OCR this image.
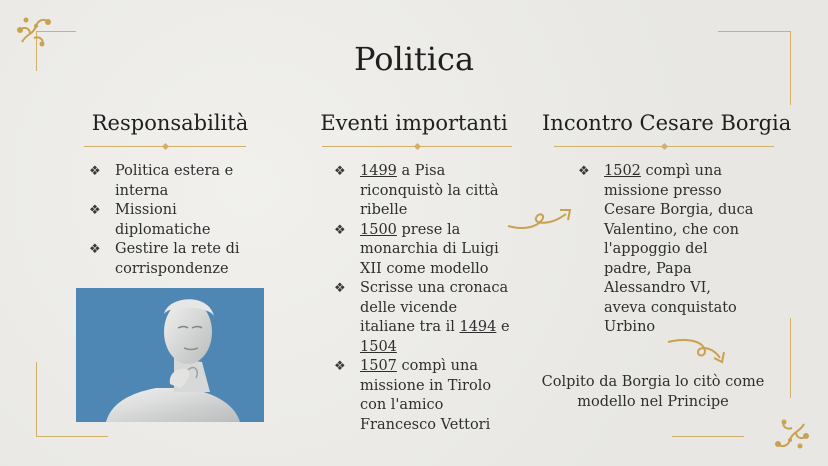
Politica
Responsabilità	Eventi importanti	Incontro Cesare Borgia
❖ Politica estera e
interna
❖ Missioni
diplomatiche
❖ Gestire la rete di
corrispondenze
❖ 1499 a Pisa
riconquistò la città
ribelle
❖ 1500 prese la
monarchia di Luigi
XII come modello
❖ Scrisse una cronaca
delle vicende
italiane tra il 1494 e
1504
❖ 1507 compì una
missione in Tirolo
con l'amico
Francesco Vettori
❖ 1502 compì una
missione presso
Cesare Borgia, duca
Valentino, che con
l'appoggio del
padre, Papa
Alessandro VI,
aveva conquistato
Urbino
Colpito da Borgia lo citò come
modello nel Principe
